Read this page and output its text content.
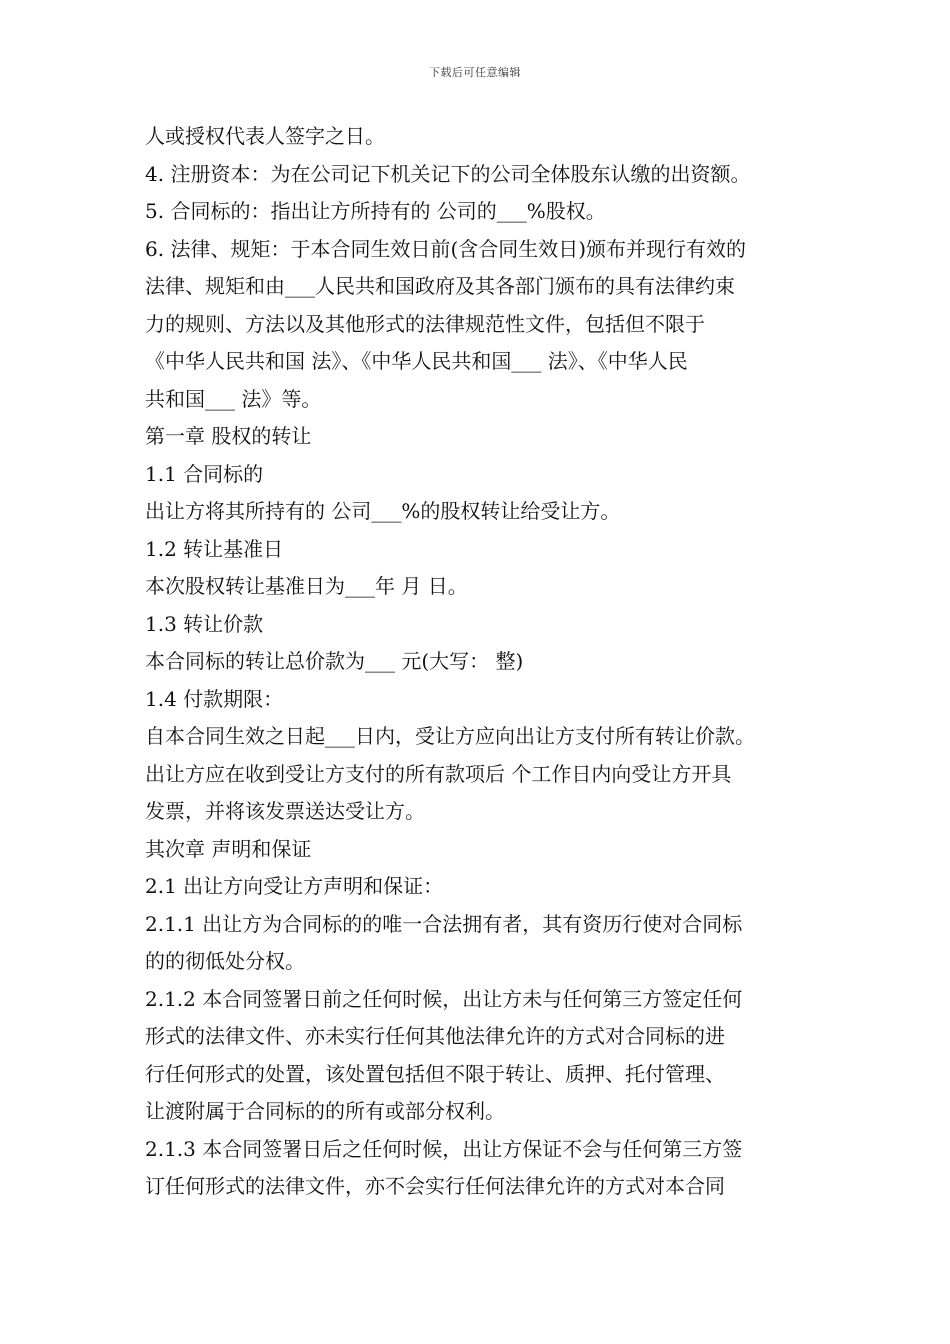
下载后可任意编辑
人或授权代表人签字之日。
4. 注册资本：为在公司记下机关记下的公司全体股东认缴的出资额。
5. 合同标的：指出让方所持有的 公司的___%股权。
6. 法律、规矩：于本合同生效日前(含合同生效日)颁布并现行有效的
法律、规矩和由___人民共和国政府及其各部门颁布的具有法律约束
力的规则、方法以及其他形式的法律规范性文件，包括但不限于
《中华人民共和国 法》、《中华人民共和国___ 法》、《中华人民
共和国___ 法》等。
第一章 股权的转让
1.1 合同标的
出让方将其所持有的 公司___%的股权转让给受让方。
1.2 转让基准日
本次股权转让基准日为___年 月 日。
1.3 转让价款
本合同标的转让总价款为___ 元(大写： 整)
1.4 付款期限：
自本合同生效之日起___日内，受让方应向出让方支付所有转让价款。
出让方应在收到受让方支付的所有款项后 个工作日内向受让方开具
发票，并将该发票送达受让方。
其次章 声明和保证
2.1 出让方向受让方声明和保证：
2.1.1 出让方为合同标的的唯一合法拥有者，其有资历行使对合同标
的的彻低处分权。
2.1.2 本合同签署日前之任何时候，出让方未与任何第三方签定任何
形式的法律文件、亦未实行任何其他法律允许的方式对合同标的进
行任何形式的处置，该处置包括但不限于转让、质押、托付管理、
让渡附属于合同标的的所有或部分权利。
2.1.3 本合同签署日后之任何时候，出让方保证不会与任何第三方签
订任何形式的法律文件，亦不会实行任何法律允许的方式对本合同
